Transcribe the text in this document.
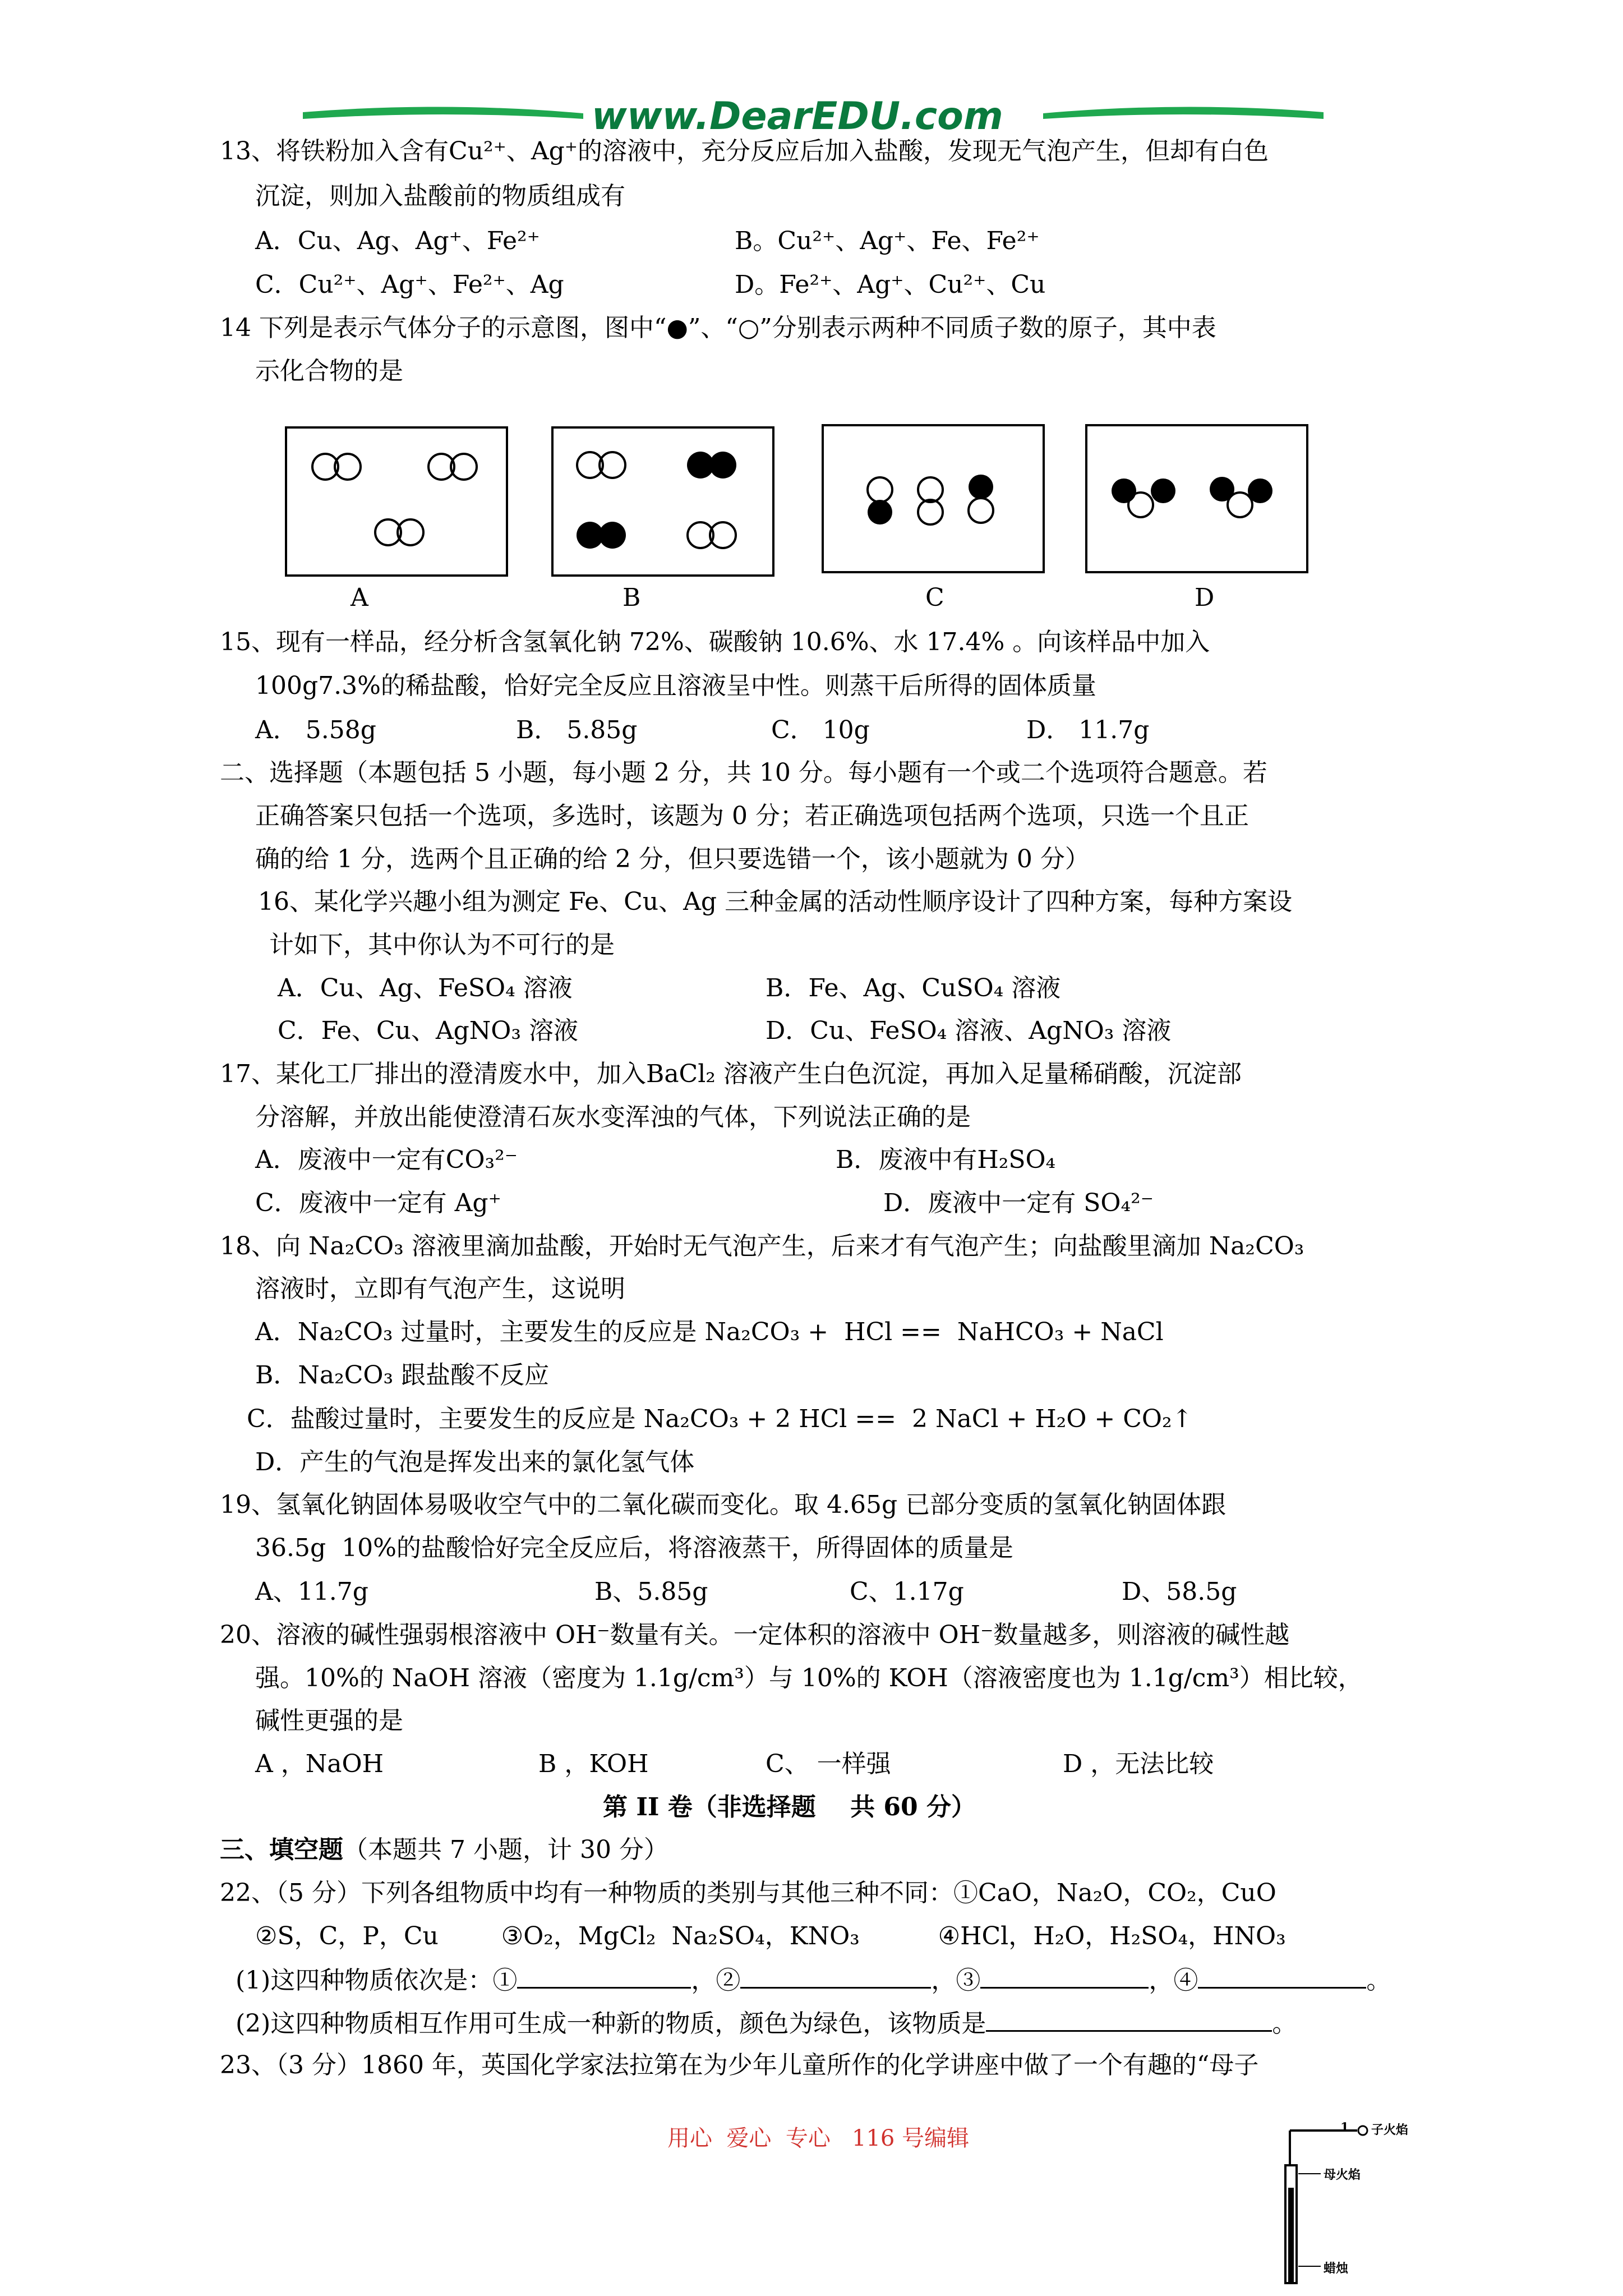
www.DearEDU.com
13、将铁粉加入含有Cu²⁺、Ag⁺的溶液中，充分反应后加入盐酸，发现无气泡产生，但却有白色
沉淀，则加入盐酸前的物质组成有
A．Cu、Ag、Ag⁺、Fe²⁺	B。Cu²⁺、Ag⁺、Fe、Fe²⁺
C．Cu²⁺、Ag⁺、Fe²⁺、Ag	D。Fe²⁺、Ag⁺、Cu²⁺、Cu
14 下列是表示气体分子的示意图，图中“●”、“○”分别表示两种不同质子数的原子，其中表
示化合物的是
A	B	C	D
15、现有一样品，经分析含氢氧化钠 72%、碳酸钠 10.6%、水 17.4% 。向该样品中加入
100g7.3%的稀盐酸，恰好完全反应且溶液呈中性。则蒸干后所得的固体质量
A． 5.58g	B． 5.85g	C． 10g	D． 11.7g
二、选择题（本题包括 5 小题，每小题 2 分，共 10 分。每小题有一个或二个选项符合题意。若
正确答案只包括一个选项，多选时，该题为 0 分；若正确选项包括两个选项，只选一个且正
确的给 1 分，选两个且正确的给 2 分，但只要选错一个，该小题就为 0 分）
16、某化学兴趣小组为测定 Fe、Cu、Ag 三种金属的活动性顺序设计了四种方案，每种方案设
计如下，其中你认为不可行的是
A．Cu、Ag、FeSO₄ 溶液	B．Fe、Ag、CuSO₄ 溶液
C．Fe、Cu、AgNO₃ 溶液	D．Cu、FeSO₄ 溶液、AgNO₃ 溶液
17、某化工厂排出的澄清废水中，加入BaCl₂ 溶液产生白色沉淀，再加入足量稀硝酸，沉淀部
分溶解，并放出能使澄清石灰水变浑浊的气体，下列说法正确的是
A．废液中一定有CO₃²⁻	B．废液中有H₂SO₄
C．废液中一定有 Ag⁺	D．废液中一定有 SO₄²⁻
18、向 Na₂CO₃ 溶液里滴加盐酸，开始时无气泡产生，后来才有气泡产生；向盐酸里滴加 Na₂CO₃
溶液时，立即有气泡产生，这说明
A．Na₂CO₃ 过量时，主要发生的反应是 Na₂CO₃ +  HCl ==  NaHCO₃ + NaCl
B．Na₂CO₃ 跟盐酸不反应
C．盐酸过量时，主要发生的反应是 Na₂CO₃ + 2 HCl ==  2 NaCl + H₂O + CO₂↑
D．产生的气泡是挥发出来的氯化氢气体
19、氢氧化钠固体易吸收空气中的二氧化碳而变化。取 4.65g 已部分变质的氢氧化钠固体跟
36.5g  10%的盐酸恰好完全反应后，将溶液蒸干，所得固体的质量是
A、11.7g	B、5.85g	C、1.17g	D、58.5g
20、溶液的碱性强弱根溶液中 OH⁻数量有关。一定体积的溶液中 OH⁻数量越多，则溶液的碱性越
强。10%的 NaOH 溶液（密度为 1.1g/cm³）与 10%的 KOH（溶液密度也为 1.1g/cm³）相比较，
碱性更强的是
A ，NaOH	B ，KOH	C、 一样强	D ，无法比较
第 II 卷（非选择题    共 60 分）
三、填空题（本题共 7 小题，计 30 分）
22、（5 分）下列各组物质中均有一种物质的类别与其他三种不同：①CaO，Na₂O，CO₂，CuO
②S，C，P，Cu        ③O₂，MgCl₂  Na₂SO₄，KNO₃          ④HCl，H₂O，H₂SO₄，HNO₃
(1)这四种物质依次是：①	，②	，③	，④	。
(2)这四种物质相互作用可生成一种新的物质，颜色为绿色，该物质是	。
23、（3 分）1860 年，英国化学家法拉第在为少年儿童所作的化学讲座中做了一个有趣的“母子
用心  爱心  专心   116 号编辑	1 子火焰
母火焰
蜡烛
